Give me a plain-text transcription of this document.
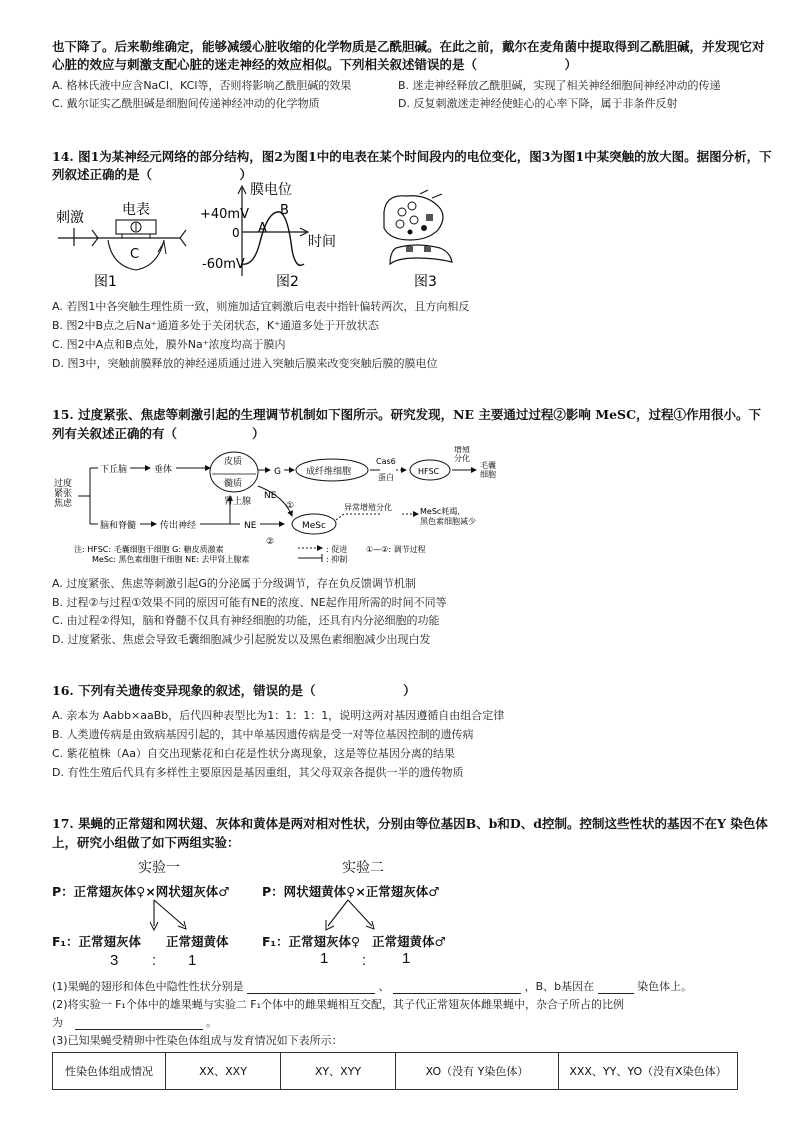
也下降了。后来勒维确定，能够减缓心脏收缩的化学物质是乙酰胆碱。在此之前，戴尔在麦角菌中提取得到乙酰胆碱，并发现它对
心脏的效应与刺激支配心脏的迷走神经的效应相似。下列相关叙述错误的是（　　　　　　　）
A. 格林氏液中应含NaCl、KCl等，否则将影响乙酰胆碱的效果	B. 迷走神经释放乙酰胆碱，实现了相关神经细胞间神经冲动的传递
C. 戴尔证实乙酰胆碱是细胞间传递神经冲动的化学物质	D. 反复刺激迷走神经使蛙心的心率下降，属于非条件反射
14. 图1为某神经元网络的部分结构，图2为图1中的电表在某个时间段内的电位变化，图3为图1中某突触的放大图。据图分析，下
列叙述正确的是（　　　　　　　）
刺激	电表
C
图1
膜电位
+40mV
0
-60mV
A
B
时间
图2	图3
A. 若图1中各突触生理性质一致，则施加适宜刺激后电表中指针偏转两次，且方向相反
B. 图2中B点之后Na⁺通道多处于关闭状态，K⁺通道多处于开放状态
C. 图2中A点和B点处，膜外Na⁺浓度均高于膜内
D. 图3中，突触前膜释放的神经递质通过进入突触后膜来改变突触后膜的膜电位
15. 过度紧张、焦虑等刺激引起的生理调节机制如下图所示。研究发现，NE 主要通过过程②影响 MeSC，过程①作用很小。下
列有关叙述正确的有（　　　　　　）
过度紧张焦虑
下丘脑	垂体
皮质
髓质
肾上腺
G	成纤维细胞
Cas6
蛋白
HFSC
增殖分化
毛囊细胞
脑和脊髓	传出神经	NE
NE
①
②
MeSc
异常增殖分化	MeSc耗竭,黑色素细胞减少
注: HFSC: 毛囊细胞干细胞 G: 糖皮质激素
MeSc: 黑色素细胞干细胞 NE: 去甲肾上腺素
: 促进
: 抑制
①—②: 调节过程
A. 过度紧张、焦虑等刺激引起G的分泌属于分级调节，存在负反馈调节机制
B. 过程②与过程①效果不同的原因可能有NE的浓度、NE起作用所需的时间不同等
C. 由过程②得知，脑和脊髓不仅具有神经细胞的功能，还具有内分泌细胞的功能
D. 过度紧张、焦虑会导致毛囊细胞减少引起脱发以及黑色素细胞减少出现白发
16. 下列有关遗传变异现象的叙述，错误的是（　　　　　　　）
A. 亲本为 Aabb×aaBb，后代四种表型比为1：1：1：1，说明这两对基因遵循自由组合定律
B. 人类遗传病是由致病基因引起的，其中单基因遗传病是受一对等位基因控制的遗传病
C. 紫花植株（Aa）自交出现紫花和白花是性状分离现象，这是等位基因分离的结果
D. 有性生殖后代具有多样性主要原因是基因重组，其父母双亲各提供一半的遗传物质
17. 果蝇的正常翅和网状翅、灰体和黄体是两对相对性状，分别由等位基因B、b和D、d控制。控制这些性状的基因不在Y 染色体
上，研究小组做了如下两组实验：
实验一
P：正常翅灰体♀×网状翅灰体♂
F₁：正常翅灰体 正常翅黄体
3 : 1
实验二
P：网状翅黄体♀×正常翅灰体♂
F₁：正常翅灰体♀ 正常翅黄体♂
1 : 1
(1)果蝇的翅形和体色中隐性性状分别是	、	，B、b基因在	染色体上。
(2)将实验一 F₁个体中的雄果蝇与实验二 F₁个体中的雌果蝇相互交配，其子代正常翅灰体雌果蝇中，杂合子所占的比例
为	。
(3)已知果蝇受精卵中性染色体组成与发育情况如下表所示：
性染色体组成情况	XX、XXY	XY、XYY	XO（没有 Y染色体）	XXX、YY、YO（没有X染色体）
